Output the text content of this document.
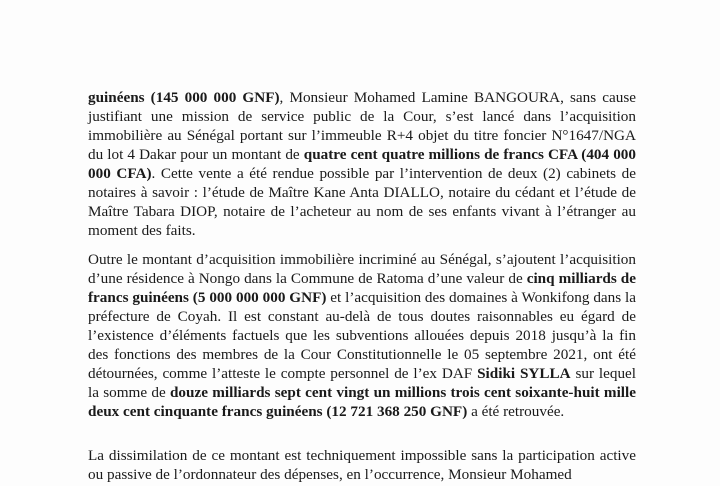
guinéens (145 000 000 GNF), Monsieur Mohamed Lamine BANGOURA, sans cause justifiant une mission de service public de la Cour, s’est lancé dans l’acquisition immobilière au Sénégal portant sur l’immeuble R+4 objet du titre foncier N°1647/NGA du lot 4 Dakar pour un montant de quatre cent quatre millions de francs CFA (404 000 000 CFA). Cette vente a été rendue possible par l’intervention de deux (2) cabinets de notaires à savoir : l’étude de Maître Kane Anta DIALLO, notaire du cédant et l’étude de Maître Tabara DIOP, notaire de l’acheteur au nom de ses enfants vivant à l’étranger au moment des faits.

Outre le montant d’acquisition immobilière incriminé au Sénégal, s’ajoutent l’acquisition d’une résidence à Nongo dans la Commune de Ratoma d’une valeur de cinq milliards de francs guinéens (5 000 000 000 GNF) et l’acquisition des domaines à Wonkifong dans la préfecture de Coyah. Il est constant au-delà de tous doutes raisonnables eu égard de l’existence d’éléments factuels que les subventions allouées depuis 2018 jusqu’à la fin des fonctions des membres de la Cour Constitutionnelle le 05 septembre 2021, ont été détournées, comme l’atteste le compte personnel de l’ex DAF Sidiki SYLLA sur lequel la somme de douze milliards sept cent vingt un millions trois cent soixante-huit mille deux cent cinquante francs guinéens (12 721 368 250 GNF) a été retrouvée.

La dissimilation de ce montant est techniquement impossible sans la participation active ou passive de l’ordonnateur des dépenses, en l’occurrence, Monsieur Mohamed
